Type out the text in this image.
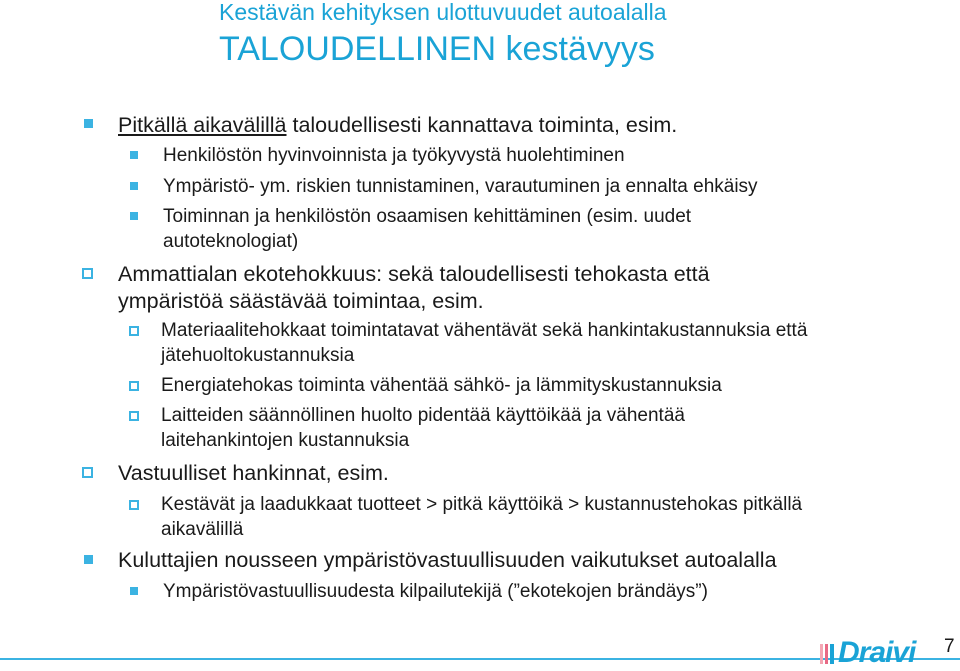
Kestävän kehityksen ulottuvuudet autoalalla
TALOUDELLINEN kestävyys
Pitkällä aikavälillä taloudellisesti kannattava toiminta, esim.
Henkilöstön hyvinvoinnista ja työkyvystä huolehtiminen
Ympäristö- ym. riskien tunnistaminen, varautuminen ja ennalta ehkäisy
Toiminnan ja henkilöstön osaamisen kehittäminen (esim. uudet
autoteknologiat)
Ammattialan ekotehokkuus: sekä taloudellisesti tehokasta että
ympäristöä säästävää toimintaa, esim.
Materiaalitehokkaat toimintatavat vähentävät sekä hankintakustannuksia että
jätehuoltokustannuksia
Energiatehokas toiminta vähentää sähkö- ja lämmityskustannuksia
Laitteiden säännöllinen huolto pidentää käyttöikää ja vähentää
laitehankintojen kustannuksia
Vastuulliset hankinnat, esim.
Kestävät ja laadukkaat tuotteet > pitkä käyttöikä > kustannustehokas pitkällä
aikavälillä
Kuluttajien nousseen ympäristövastuullisuuden vaikutukset autoalalla
Ympäristövastuullisuudesta kilpailutekijä (”ekotekojen brändäys”)
Draivi 7
